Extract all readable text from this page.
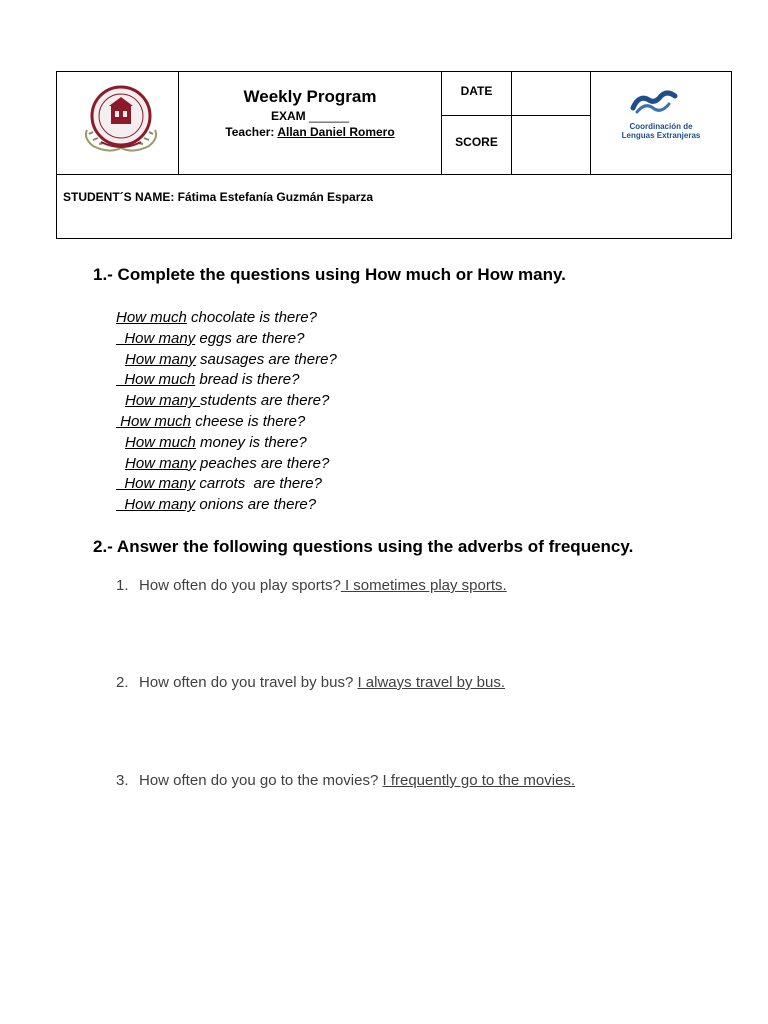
Weekly Program
EXAM ______
Teacher: Allan Daniel Romero
DATE
SCORE
Coordinación de
Lenguas Extranjeras
STUDENT´S NAME: Fátima Estefanía Guzmán Esparza
1.- Complete the questions using How much or How many.
How much chocolate is there?
How many eggs are there?
How many sausages are there?
How much bread is there?
How many students are there?
How much cheese is there?
How much money is there?
How many peaches are there?
How many carrots  are there?
How many onions are there?
2.- Answer the following questions using the adverbs of frequency.
1. How often do you play sports? I sometimes play sports.
2. How often do you travel by bus? I always travel by bus.
3. How often do you go to the movies? I frequently go to the movies.
